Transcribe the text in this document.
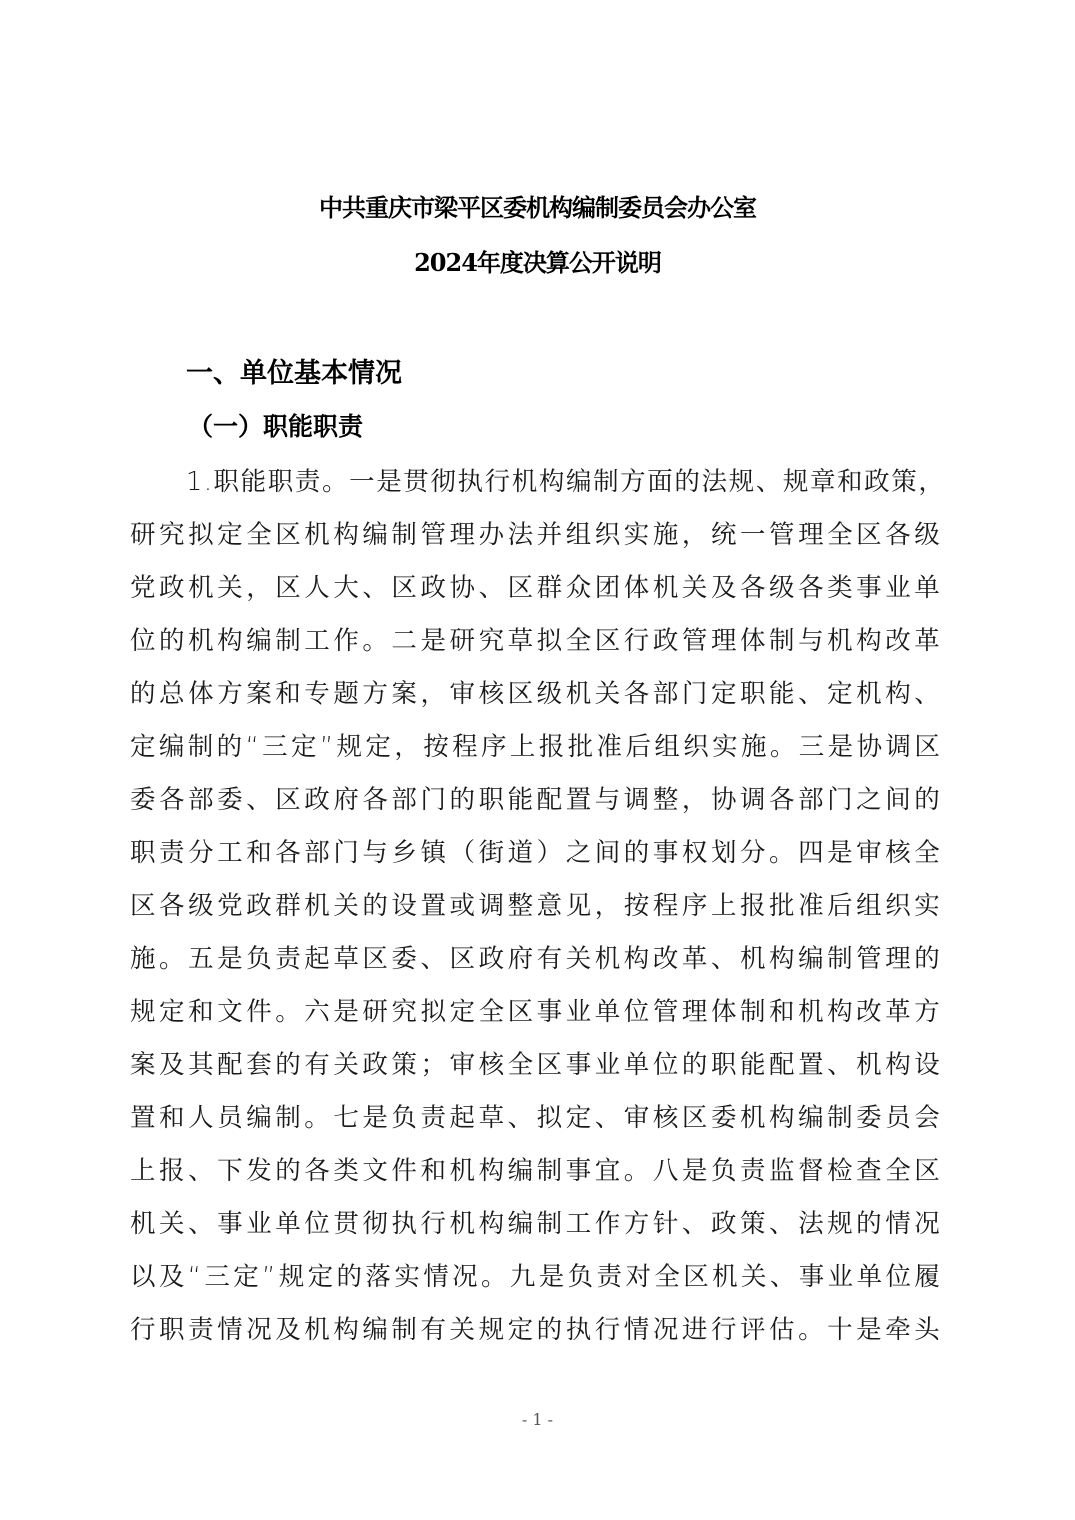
中共重庆市梁平区委机构编制委员会办公室
2024年度决算公开说明
一、单位基本情况
（一）职能职责
1 . 职 能 职 责 。 一 是 贯 彻 执 行 机 构 编 制 方 面 的 法 规 、 规 章 和 政 策 ，
研 究 拟 定 全 区 机 构 编 制 管 理 办 法 并 组 织 实 施 ， 统 一 管 理 全 区 各 级
党 政 机 关 ， 区 人 大 、 区 政 协 、 区 群 众 团 体 机 关 及 各 级 各 类 事 业 单
位 的 机 构 编 制 工 作 。 二 是 研 究 草 拟 全 区 行 政 管 理 体 制 与 机 构 改 革
的 总 体 方 案 和 专 题 方 案 ， 审 核 区 级 机 关 各 部 门 定 职 能 、 定 机 构 、
定 编 制 的 “ 三 定 ” 规 定 ， 按 程 序 上 报 批 准 后 组 织 实 施 。 三 是 协 调 区
委 各 部 委 、 区 政 府 各 部 门 的 职 能 配 置 与 调 整 ， 协 调 各 部 门 之 间 的
职 责 分 工 和 各 部 门 与 乡 镇 （ 街 道 ） 之 间 的 事 权 划 分 。 四 是 审 核 全
区 各 级 党 政 群 机 关 的 设 置 或 调 整 意 见 ， 按 程 序 上 报 批 准 后 组 织 实
施 。 五 是 负 责 起 草 区 委 、 区 政 府 有 关 机 构 改 革 、 机 构 编 制 管 理 的
规 定 和 文 件 。 六 是 研 究 拟 定 全 区 事 业 单 位 管 理 体 制 和 机 构 改 革 方
案 及 其 配 套 的 有 关 政 策 ； 审 核 全 区 事 业 单 位 的 职 能 配 置 、 机 构 设
置 和 人 员 编 制 。 七 是 负 责 起 草 、 拟 定 、 审 核 区 委 机 构 编 制 委 员 会
上 报 、 下 发 的 各 类 文 件 和 机 构 编 制 事 宜 。 八 是 负 责 监 督 检 查 全 区
机 关 、 事 业 单 位 贯 彻 执 行 机 构 编 制 工 作 方 针 、 政 策 、 法 规 的 情 况
以 及 “ 三 定 ” 规 定 的 落 实 情 况 。 九 是 负 责 对 全 区 机 关 、 事 业 单 位 履
行 职 责 情 况 及 机 构 编 制 有 关 规 定 的 执 行 情 况 进 行 评 估 。 十 是 牵 头
- 1 -
